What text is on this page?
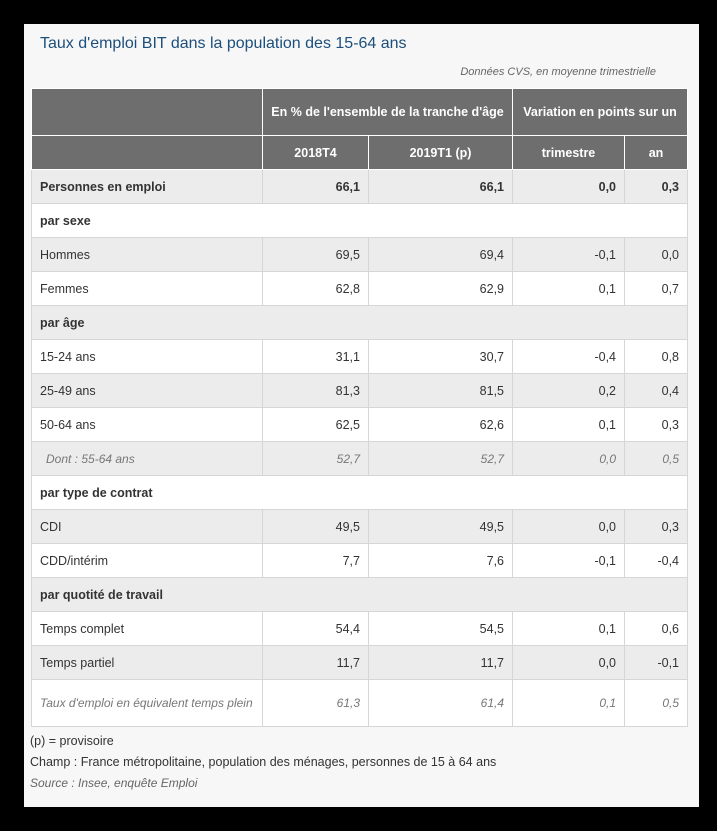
Taux d'emploi BIT dans la population des 15-64 ans
Données CVS, en moyenne trimestrielle
	En % de l'ensemble de la tranche d'âge		Variation en points sur un	
	2018T4	2019T1 (p)	trimestre	an
Personnes en emploi	66,1	66,1	0,0	0,3
par sexe				
Hommes	69,5	69,4	-0,1	0,0
Femmes	62,8	62,9	0,1	0,7
par âge				
15-24 ans	31,1	30,7	-0,4	0,8
25-49 ans	81,3	81,5	0,2	0,4
50-64 ans	62,5	62,6	0,1	0,3
Dont : 55-64 ans	52,7	52,7	0,0	0,5
par type de contrat				
CDI	49,5	49,5	0,0	0,3
CDD/intérim	7,7	7,6	-0,1	-0,4
par quotité de travail				
Temps complet	54,4	54,5	0,1	0,6
Temps partiel	11,7	11,7	0,0	-0,1
Taux d'emploi en équivalent temps plein	61,3	61,4	0,1	0,5
(p) = provisoire
Champ : France métropolitaine, population des ménages, personnes de 15 à 64 ans
Source : Insee, enquête Emploi
